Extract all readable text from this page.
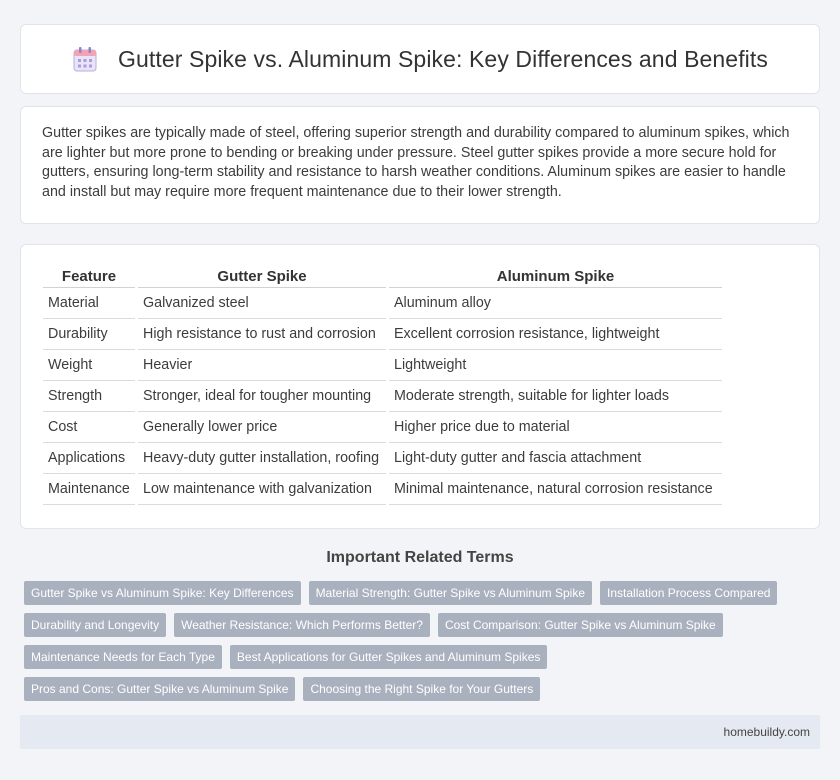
Gutter Spike vs. Aluminum Spike: Key Differences and Benefits

Gutter spikes are typically made of steel, offering superior strength and durability compared to aluminum spikes, which are lighter but more prone to bending or breaking under pressure. Steel gutter spikes provide a more secure hold for gutters, ensuring long-term stability and resistance to harsh weather conditions. Aluminum spikes are easier to handle and install but may require more frequent maintenance due to their lower strength.

Feature		Gutter Spike		Aluminum Spike
Material		Galvanized steel		Aluminum alloy
Durability		High resistance to rust and corrosion		Excellent corrosion resistance, lightweight
Weight		Heavier		Lightweight
Strength		Stronger, ideal for tougher mounting		Moderate strength, suitable for lighter loads
Cost		Generally lower price		Higher price due to material
Applications		Heavy-duty gutter installation, roofing		Light-duty gutter and fascia attachment
Maintenance		Low maintenance with galvanization		Minimal maintenance, natural corrosion resistance
Important Related Terms
Gutter Spike vs Aluminum Spike: Key Differences	Material Strength: Gutter Spike vs Aluminum Spike	Installation Process Compared
Durability and Longevity	Weather Resistance: Which Performs Better?	Cost Comparison: Gutter Spike vs Aluminum Spike
Maintenance Needs for Each Type	Best Applications for Gutter Spikes and Aluminum Spikes
Pros and Cons: Gutter Spike vs Aluminum Spike	Choosing the Right Spike for Your Gutters
homebuildy.com
